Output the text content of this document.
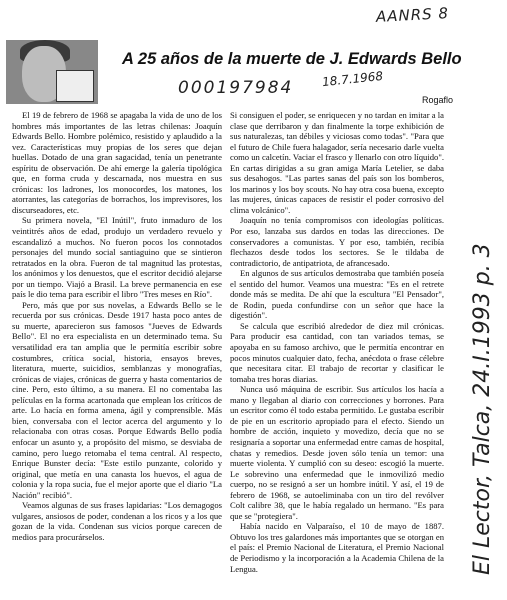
AANRS 8
000197984 18.7.1968
El Lector, Talca, 24.I.1993 p. 3
A 25 años de la muerte de J. Edwards Bello
Rogaflo

El 19 de febrero de 1968 se apagaba la vida de uno de los hombres más importantes de las letras chilenas: Joaquín Edwards Bello. Hombre polémico, resistido y aplaudido a la vez. Características muy propias de los seres que dejan huellas. Dotado de una gran sagacidad, tenía un penetrante espíritu de observación. De ahí emerge la galería tipológica que, en forma cruda y descarnada, nos muestra en sus crónicas: los ladrones, los monocordes, los matones, los atorrantes, las categorías de borrachos, los imprevisores, los discurseadores, etc.

Su primera novela, "El Inútil", fruto inmaduro de los veintitrés años de edad, produjo un verdadero revuelo y escandalizó a muchos. No fueron pocos los connotados personajes del mundo social santiaguino que se sintieron retratados en la obra. Fueron de tal magnitud las protestas, los anónimos y los denuestos, que el escritor decidió alejarse por un tiempo. Viajó a Brasil. La breve permanencia en ese país le dio tema para escribir el libro "Tres meses en Río".

Pero, más que por sus novelas, a Edwards Bello se le recuerda por sus crónicas. Desde 1917 hasta poco antes de su muerte, aparecieron sus famosos "Jueves de Edwards Bello". El no era especialista en un determinado tema. Su versatilidad era tan amplia que le permitía escribir sobre costumbres, crítica social, historia, ensayos breves, literatura, muerte, suicidios, semblanzas y monografías, crónicas de viajes, crónicas de guerra y hasta comentarios de cine. Pero, esto último, a su manera. El no comentaba las películas en la forma acartonada que emplean los críticos de arte. Lo hacía en forma amena, ágil y comprensible. Más bien, conversaba con el lector acerca del argumento y lo relacionaba con otras cosas. Porque Edwards Bello podía enfocar un asunto y, a propósito del mismo, se desviaba de camino, pero luego retomaba el tema central. Al respecto, Enrique Bunster decía: "Este estilo punzante, colorido y original, que metía en una canasta los huevos, el agua de colonia y la ropa sucia, fue el mejor aporte que el diario "La Nación" recibió".

Veamos algunas de sus frases lapidarias: "Los demagogos vulgares, ansiosos de poder, condenan a los ricos y a los que gozan de la vida. Condenan sus vicios porque carecen de medios para procurárselos.

Si consiguen el poder, se enriquecen y no tardan en imitar a la clase que derribaron y dan finalmente la torpe exhibición de sus naturalezas, tan débiles y viciosas como todas". "Para que el futuro de Chile fuera halagador, sería necesario darle vuelta como un calcetín. Vaciar el frasco y llenarlo con otro líquido". En cartas dirigidas a su gran amiga María Letelier, se daba sus desahogos. "Las partes sanas del país son los bomberos, los marinos y los boy scouts. No hay otra cosa buena, excepto las mujeres, únicas capaces de resistir el poder corrosivo del clima volcánico".

Joaquín no tenía compromisos con ideologías políticas. Por eso, lanzaba sus dardos en todas las direcciones. De conservadores a comunistas. Y por eso, también, recibía flechazos desde todos los sectores. Se le tildaba de contradictorio, de antipatriota, de afrancesado.

En algunos de sus artículos demostraba que también poseía el sentido del humor. Veamos una muestra: "Es en el retrete donde más se medita. De ahí que la escultura "El Pensador", de Rodin, pueda confundirse con un señor que hace la digestión".

Se calcula que escribió alrededor de diez mil crónicas. Para producir esa cantidad, con tan variados temas, se apoyaba en su famoso archivo, que le permitía encontrar en pocos minutos cualquier dato, fecha, anécdota o frase célebre que necesitara citar. El trabajo de recortar y clasificar le tomaba tres horas diarias.

Nunca usó máquina de escribir. Sus artículos los hacía a mano y llegaban al diario con correcciones y borrones. Para un escritor como él todo estaba permitido. Le gustaba escribir de pie en un escritorio apropiado para el efecto. Siendo un hombre de acción, inquieto y movedizo, decía que no se resignaría a soportar una enfermedad entre camas de hospital, chatas y remedios. Desde joven sólo tenía un temor: una muerte violenta. Y cumplió con su deseo: escogió la muerte. Le sobrevino una enfermedad que le inmovilizó medio cuerpo, no se resignó a ser un hombre inútil. Y así, el 19 de febrero de 1968, se autoeliminaba con un tiro del revólver Colt calibre 38, que le había regalado un hermano. "Es para que se "protegiera".

Había nacido en Valparaíso, el 10 de mayo de 1887. Obtuvo los tres galardones más importantes que se otorgan en el país: el Premio Nacional de Literatura, el Premio Nacional de Periodismo y la incorporación a la Academia Chilena de la Lengua.
